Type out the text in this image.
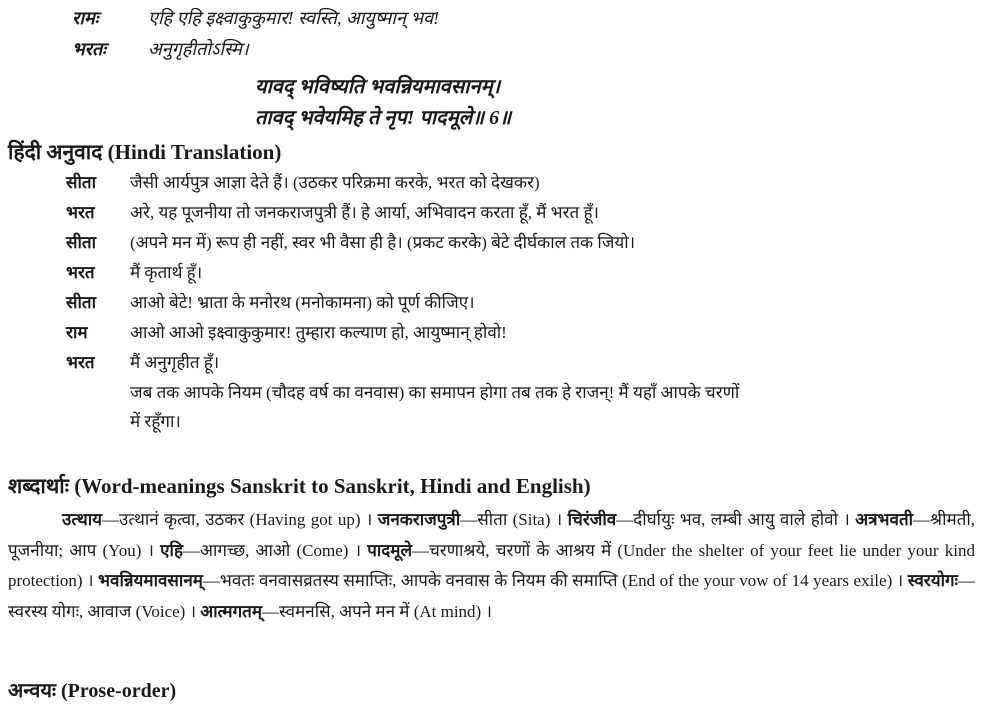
रामः	एहि एहि इक्ष्वाकुकुमार! स्वस्ति, आयुष्मान् भव!
भरतः अनुगृहीतोऽस्मि।
यावद् भविष्यति भवन्नियमावसानम्।
तावद् भवेयमिह ते नृप! पादमूले॥ 6॥
हिंदी अनुवाद (Hindi Translation)
सीता जैसी आर्यपुत्र आज्ञा देते हैं। (उठकर परिक्रमा करके, भरत को देखकर)
भरत अरे, यह पूजनीया तो जनकराजपुत्री हैं। हे आर्या, अभिवादन करता हूँ, मैं भरत हूँ।
सीता (अपने मन में) रूप ही नहीं, स्वर भी वैसा ही है। (प्रकट करके) बेटे दीर्घकाल तक जियो।
भरत मैं कृतार्थ हूँ।
सीता आओ बेटे! भ्राता के मनोरथ (मनोकामना) को पूर्ण कीजिए।
राम आओ आओ इक्ष्वाकुकुमार! तुम्हारा कल्याण हो, आयुष्मान् होवो!
भरत मैं अनुगृहीत हूँ।
जब तक आपके नियम (चौदह वर्ष का वनवास) का समापन होगा तब तक हे राजन्! मैं यहाँ आपके चरणों
में रहूँगा।
शब्दार्थाः (Word-meanings Sanskrit to Sanskrit, Hindi and English)
उत्थाय—उत्थानं कृत्वा, उठकर (Having got up) । जनकराजपुत्री—सीता (Sita) । चिरंजीव—दीर्घायुः भव, लम्बी आयु वाले होवो । अत्रभवती—श्रीमती, पूजनीया; आप (You) । एहि—आगच्छ, आओ (Come) । पादमूले—चरणाश्रये, चरणों के आश्रय में (Under the shelter of your feet lie under your kind protection) । भवन्नियमावसानम्—भवतः वनवासव्रतस्य समाप्तिः, आपके वनवास के नियम की समाप्ति (End of the your vow of 14 years exile) । स्वरयोगः—स्वरस्य योगः, आवाज (Voice) । आत्मगतम्—स्वमनसि, अपने मन में (At mind) ।
अन्वयः (Prose-order)
